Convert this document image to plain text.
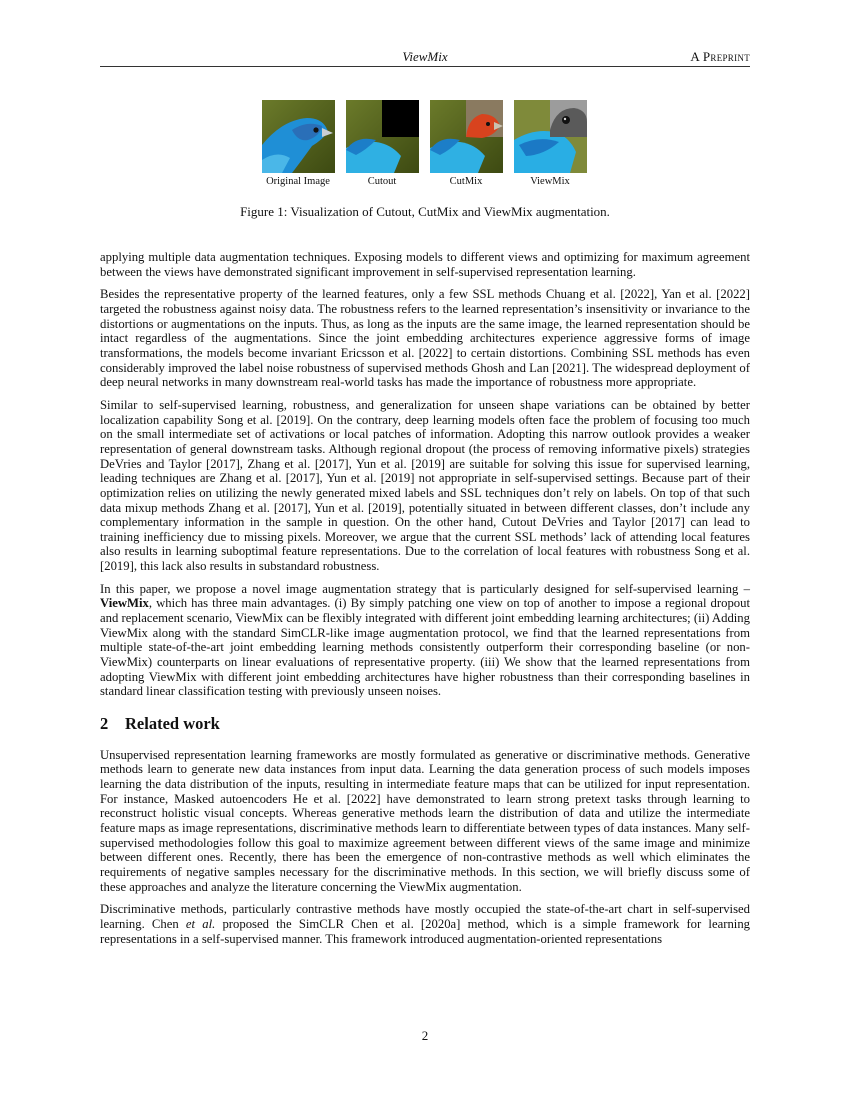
ViewMix	A Preprint
Original Image	Cutout	CutMix	ViewMix
Figure 1: Visualization of Cutout, CutMix and ViewMix augmentation.

applying multiple data augmentation techniques. Exposing models to different views and optimizing for maximum agreement between the views have demonstrated significant improvement in self-supervised representation learning.

Besides the representative property of the learned features, only a few SSL methods Chuang et al. [2022], Yan et al. [2022] targeted the robustness against noisy data. The robustness refers to the learned representation’s insensitivity or invariance to the distortions or augmentations on the inputs. Thus, as long as the inputs are the same image, the learned representation should be intact regardless of the augmentations. Since the joint embedding architectures experience aggressive forms of image transformations, the models become invariant Ericsson et al. [2022] to certain distortions. Combining SSL methods has even considerably improved the label noise robustness of supervised methods Ghosh and Lan [2021]. The widespread deployment of deep neural networks in many downstream real-world tasks has made the importance of robustness more appropriate.

Similar to self-supervised learning, robustness, and generalization for unseen shape variations can be obtained by better localization capability Song et al. [2019]. On the contrary, deep learning models often face the problem of focusing too much on the small intermediate set of activations or local patches of information. Adopting this narrow outlook provides a weaker representation of general downstream tasks. Although regional dropout (the process of removing informative pixels) strategies DeVries and Taylor [2017], Zhang et al. [2017], Yun et al. [2019] are suitable for solving this issue for supervised learning, leading techniques are Zhang et al. [2017], Yun et al. [2019] not appropriate in self-supervised settings. Because part of their optimization relies on utilizing the newly generated mixed labels and SSL techniques don’t rely on labels. On top of that such data mixup methods Zhang et al. [2017], Yun et al. [2019], potentially situated in between different classes, don’t include any complementary information in the sample in question. On the other hand, Cutout DeVries and Taylor [2017] can lead to training inefficiency due to missing pixels. Moreover, we argue that the current SSL methods’ lack of attending local features also results in learning suboptimal feature representations. Due to the correlation of local features with robustness Song et al. [2019], this lack also results in substandard robustness.

In this paper, we propose a novel image augmentation strategy that is particularly designed for self-supervised learning – ViewMix, which has three main advantages. (i) By simply patching one view on top of another to impose a regional dropout and replacement scenario, ViewMix can be flexibly integrated with different joint embedding learning architectures; (ii) Adding ViewMix along with the standard SimCLR-like image augmentation protocol, we find that the learned representations from multiple state-of-the-art joint embedding learning methods consistently outperform their corresponding baseline (or non-ViewMix) counterparts on linear evaluations of representative property. (iii) We show that the learned representations from adopting ViewMix with different joint embedding architectures have higher robustness than their corresponding baselines in standard linear classification testing with previously unseen noises.

2 Related work

Unsupervised representation learning frameworks are mostly formulated as generative or discriminative methods. Generative methods learn to generate new data instances from input data. Learning the data generation process of such models imposes learning the data distribution of the inputs, resulting in intermediate feature maps that can be utilized for input representation. For instance, Masked autoencoders He et al. [2022] have demonstrated to learn strong pretext tasks through learning to reconstruct holistic visual concepts. Whereas generative methods learn the distribution of data and utilize the intermediate feature maps as image representations, discriminative methods learn to differentiate between types of data instances. Many self-supervised methodologies follow this goal to maximize agreement between different views of the same image and minimize between different ones. Recently, there has been the emergence of non-contrastive methods as well which eliminates the requirements of negative samples necessary for the discriminative methods. In this section, we will briefly discuss some of these approaches and analyze the literature concerning the ViewMix augmentation.

Discriminative methods, particularly contrastive methods have mostly occupied the state-of-the-art chart in self-supervised learning. Chen et al. proposed the SimCLR Chen et al. [2020a] method, which is a simple framework for learning representations in a self-supervised manner. This framework introduced augmentation-oriented representations

2
